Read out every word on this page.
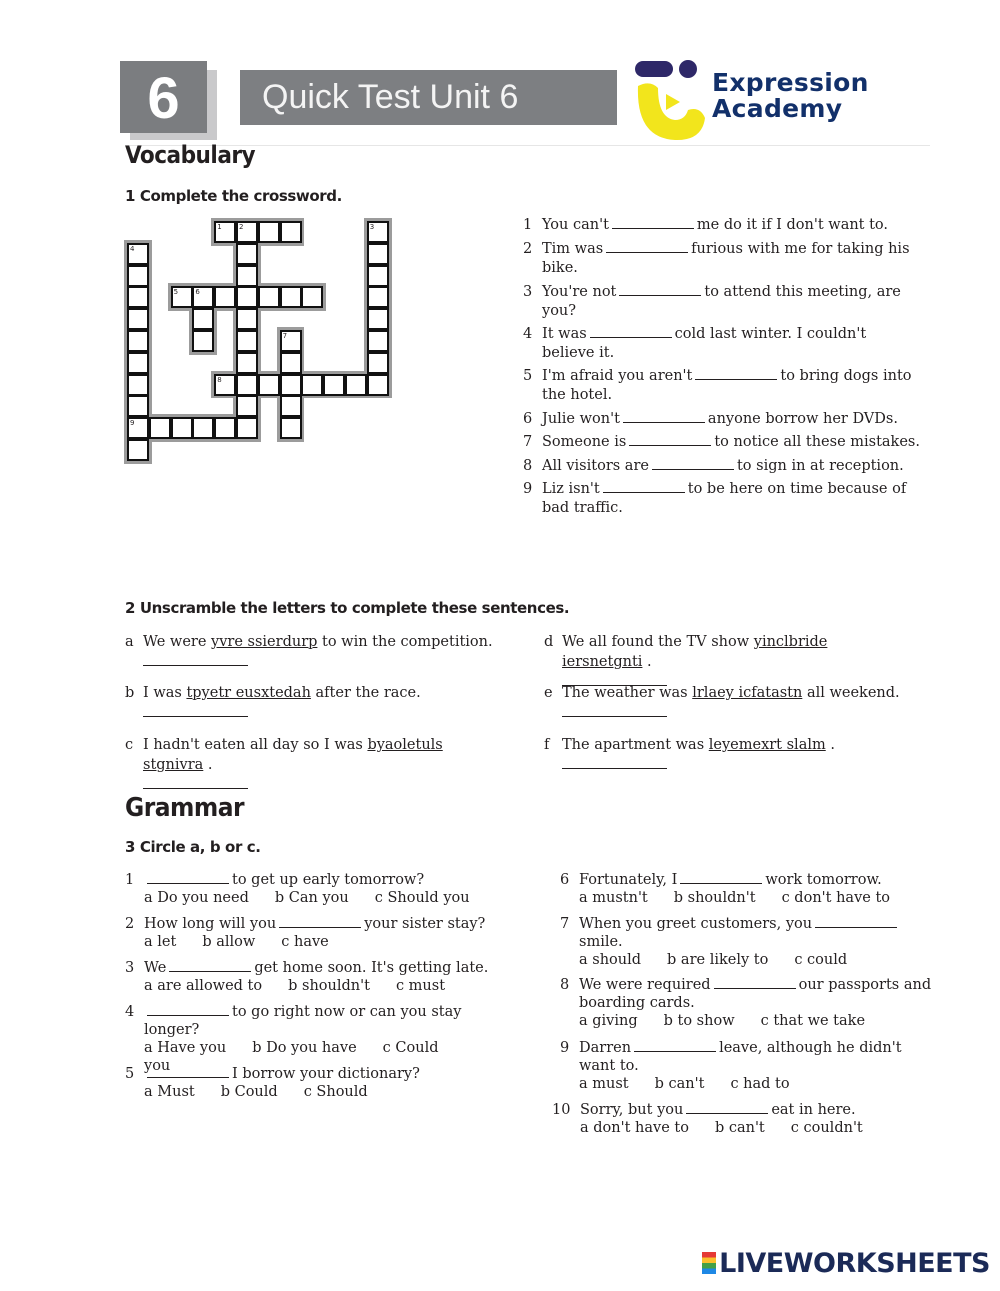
6	Quick Test Unit 6	Expression
Academy
Vocabulary
1 Complete the crossword.
1	2	3
4
9
5	6
7
8
1 You can't	me do it if I don't want to.
2 Tim was	furious with me for taking his bike.
3 You're not	to attend this meeting, are you?
4 It was	cold last winter. I couldn't believe it.
5 I'm afraid you aren't	to bring dogs into the hotel.
6 Julie won't	anyone borrow her DVDs.
7 Someone is	to notice all these mistakes.
8 All visitors are	to sign in at reception.
9 Liz isn't	to be here on time because of bad traffic.
2 Unscramble the letters to complete these sentences.
a We were yvre ssierdurp to win the competition.

b I was tpyetr eusxtedah after the race.

c I hadn't eaten all day so I was byaoletuls stgnivra .

d We all found the TV show yinclbride iersnetgnti .

e The weather was lrlaey icfatastn all weekend.

f The apartment was leyemexrt slalm .

Grammar
3 Circle a, b or c.
1	to get up early tomorrow?
a Do you need b Can you c Should you
2 How long will you	your sister stay?
a let b allow c have
3 We	get home soon. It's getting late.
a are allowed to b shouldn't c must
4	to go right now or can you stay longer?
a Have you b Do you have c Could you
5	I borrow your dictionary?
a Must b Could c Should
6 Fortunately, I	work tomorrow.
a mustn't b shouldn't c don't have to
7 When you greet customers, yousmile.
a should b are likely to c could
8 We were required	our passports and boarding cards.
a giving b to show c that we take
9 Darren	leave, although he didn't want to.
a must b can't c had to
10 Sorry, but you	eat in here.
a don't have to b can't c couldn't
LIVEWORKSHEETS
